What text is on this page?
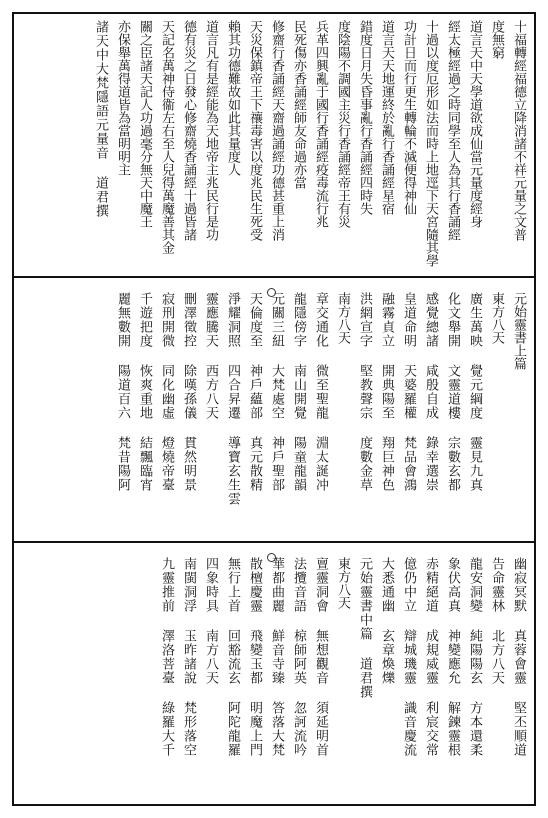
十福轉經福德立降消諸不祥元量之文普
度無窮
道言天中天學道欲成仙當元量度經身
經太極經過之時同學至人為其行香誦經
十過以度厄形如法而時上地逕下天宮隨其學
功計日而行更生轉輪不滅便得神仙
道言天天地運終於亂行香誦經星宿
錯度日月失昏事亂行香誦經四時失
度陰陽不調國主災行香誦經帝王有災
兵革四興亂于國行香誦經疫毒流行兆
民死傷亦香誦經師友命過亦當
修齋行香誦經天齋過誦經功德甚重上消
天災保鎮帝王下禳毒害以度兆民生死受
賴其功德難故如此其量度人
道言凡有是經能為天地帝主兆民行是功
德有災之日發心修齋燒香誦經十過皆諸
天記名萬神侍衞左右至人兒得萬魔善其金
關之臣諸天記人功過毫分無天中魔王
亦保舉萬得道皆為當明明主
諸天中大梵隱語元量音 道君撰
元始靈書上篇
東方八天
廣生萬映 覺元綱度 靈見九真
化文舉開 文靈道樓 宗數玄都
感覺總諸 咸殷自成 錄幸選崇
皇道命明 天婆羅權 梵品會鴻
融霧貞立 開典陽至 翔巨神色
洪網宣字 堅教聲宗 度數金草
南方八天
章交通化 微至聖龍 淵太誕冲
龍隱傍字 南山開覺 陽童龍韻
元關三紐 大梵處空 神戶聖部
天倫度至 神戶蘊部 真元散精
淨耀洞照 四合昇遷 導寶玄生雲
靈應騰天 西方八天
刪澤徵控 除嘆孫儀 貫然明景
寂刑開微 同化幽虛 燈燒帝臺
千遊把度 恢爽重地 結飄臨宵
麗無數開 陽道百六 梵昔陽阿
幽寂冥默 真蓉會靈 堅丕順道
告命靈林 北方八天
龍安洞變 純陽陽玄 方本還柔
象伏高真 神變應允 解鍊靈根
赤精絕道 成規威靈 利宸交常
億仍中立 辯城璣靈 識音慶流
大悉通幽 玄章煥爍
元始靈書中篇 道君撰
東方八天
亶靈洞會 無想觀音 須延明首
法攬音語 椋師阿英 忽訶流吟
華都曲麗 鮮音寺臻 答落大梵
散檀慶靈 飛變玉都 明魔上門
無行上首 回豁流玄 阿陀龍羅
四象時具 南方八天
南閩洞浮 玉昨諸說 梵形落空
九靈推前 澤洛菩臺 綠羅大千
